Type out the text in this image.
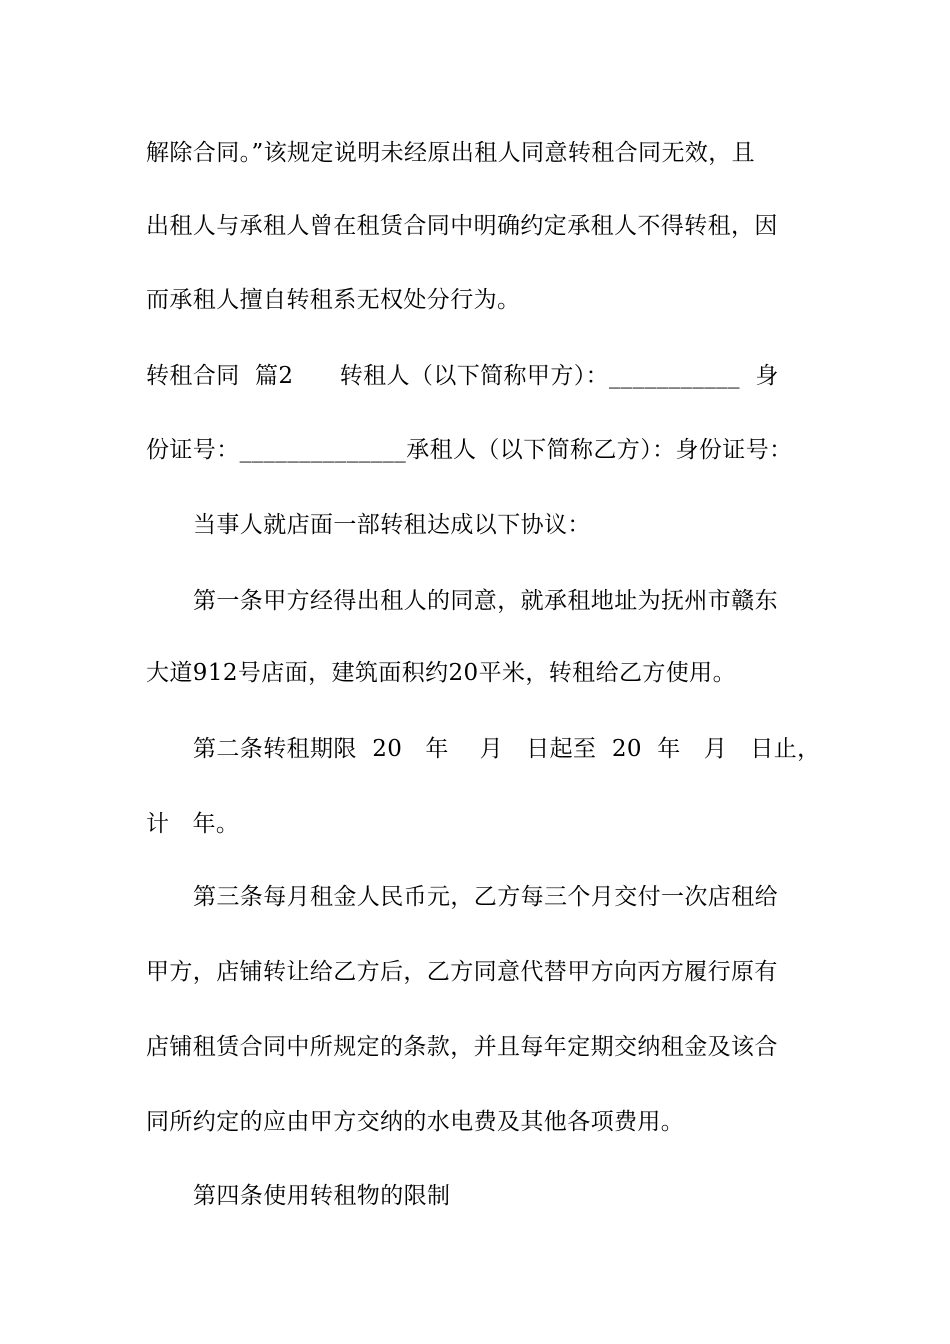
解除合同。”该规定说明未经原出租人同意转租合同无效，且
出租人与承租人曾在租赁合同中明确约定承租人不得转租，因
而承租人擅自转租系无权处分行为。
转租合同  篇2      转租人（以下简称甲方）：___________  身
份证号：______________承租人（以下简称乙方）：身份证号：
当事人就店面一部转租达成以下协议：
第一条甲方经得出租人的同意，就承租地址为抚州市赣东
大道912号店面，建筑面积约20平米，转租给乙方使用。
第二条转租期限  20   年    月   日起至  20  年   月   日止，
计   年。
第三条每月租金人民币元，乙方每三个月交付一次店租给
甲方，店铺转让给乙方后，乙方同意代替甲方向丙方履行原有
店铺租赁合同中所规定的条款，并且每年定期交纳租金及该合
同所约定的应由甲方交纳的水电费及其他各项费用。
第四条使用转租物的限制
